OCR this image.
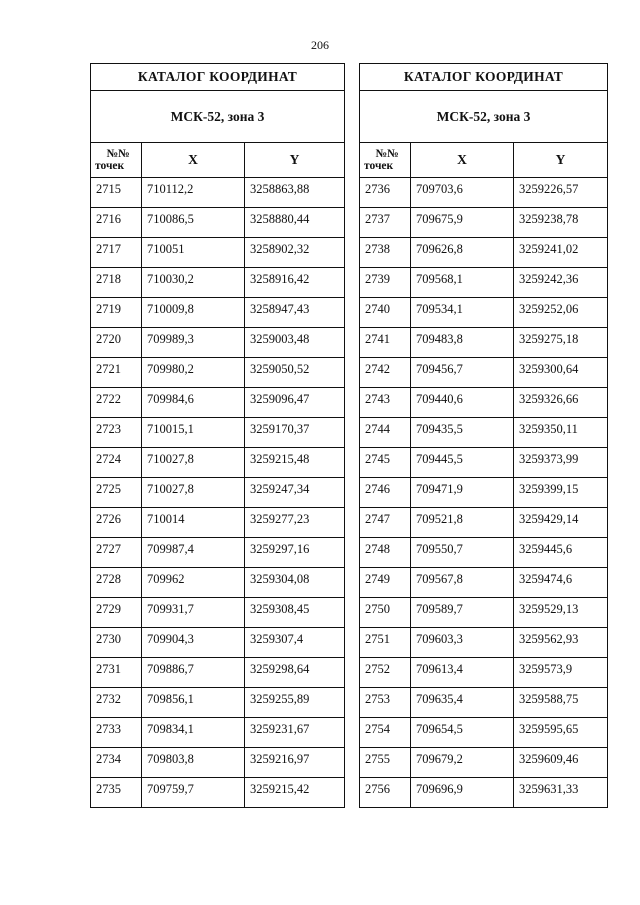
206
КАТАЛОГ КООРДИНАТ		
МСК-52, зона 3		

№№
точек	X	Y
2715	710112,2	3258863,88
2716	710086,5	3258880,44
2717	710051	3258902,32
2718	710030,2	3258916,42
2719	710009,8	3258947,43
2720	709989,3	3259003,48
2721	709980,2	3259050,52
2722	709984,6	3259096,47
2723	710015,1	3259170,37
2724	710027,8	3259215,48
2725	710027,8	3259247,34
2726	710014	3259277,23
2727	709987,4	3259297,16
2728	709962	3259304,08
2729	709931,7	3259308,45
2730	709904,3	3259307,4
2731	709886,7	3259298,64
2732	709856,1	3259255,89
2733	709834,1	3259231,67
2734	709803,8	3259216,97
2735	709759,7	3259215,42
КАТАЛОГ КООРДИНАТ		
МСК-52, зона 3		

№№
точек	X	Y
2736	709703,6	3259226,57
2737	709675,9	3259238,78
2738	709626,8	3259241,02
2739	709568,1	3259242,36
2740	709534,1	3259252,06
2741	709483,8	3259275,18
2742	709456,7	3259300,64
2743	709440,6	3259326,66
2744	709435,5	3259350,11
2745	709445,5	3259373,99
2746	709471,9	3259399,15
2747	709521,8	3259429,14
2748	709550,7	3259445,6
2749	709567,8	3259474,6
2750	709589,7	3259529,13
2751	709603,3	3259562,93
2752	709613,4	3259573,9
2753	709635,4	3259588,75
2754	709654,5	3259595,65
2755	709679,2	3259609,46
2756	709696,9	3259631,33
